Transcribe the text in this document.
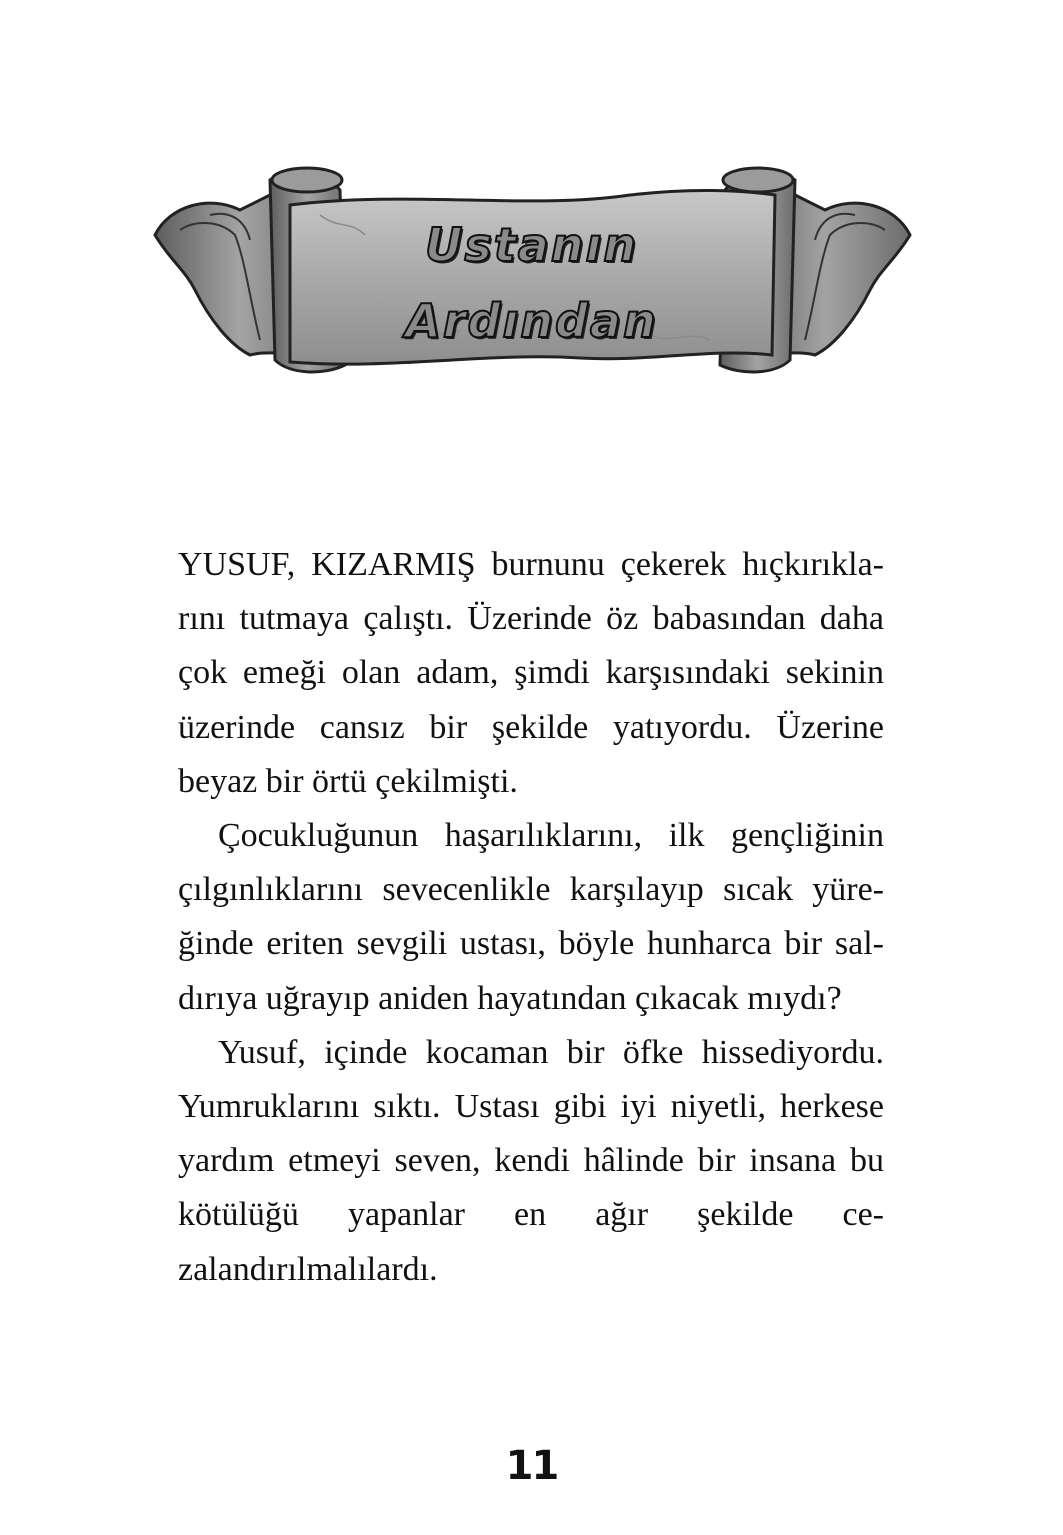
Ustanın
Ardından

YUSUF, KIZARMIŞ burnunu çekerek hıçkırıklarını tutmaya çalıştı. Üzerinde öz babasından daha çok emeği olan adam, şimdi karşısındaki sekinin üzerinde cansız bir şekilde yatıyordu. Üzerine beyaz bir örtü çekilmişti.

Çocukluğunun haşarılıklarını, ilk gençliğinin çılgınlıklarını sevecenlikle karşılayıp sıcak yüreğinde eriten sevgili ustası, böyle hunharca bir saldırıya uğrayıp aniden hayatından çıkacak mıydı?

Yusuf, içinde kocaman bir öfke hissediyordu. Yumruklarını sıktı. Ustası gibi iyi niyetli, herkese yardım etmeyi seven, kendi hâlinde bir insana bu kötülüğü yapanlar en ağır şekilde cezalandırılmalılardı.

11
